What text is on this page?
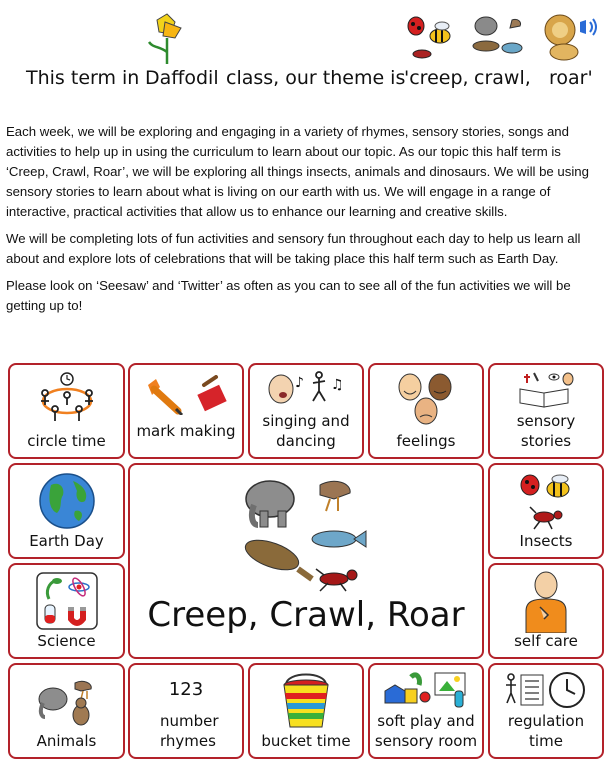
This term in Daffodil class, our theme is
'creep, crawl, roar'

Each week, we will be exploring and engaging in a variety of rhymes, sensory stories, songs and activities to help up in using the curriculum to learn about our topic. As our topic this half term is ‘Creep, Crawl, Roar’, we will be exploring all things insects, animals and dinosaurs. We will be using sensory stories to learn about what is living on our earth with us. We will engage in a range of interactive, practical activities that allow us to enhance our learning and creative skills.

We will be completing lots of fun activities and sensory fun throughout each day to help us learn all about and explore lots of celebrations that will be taking place this half term such as Earth Day.

Please look on ‘Seesaw’ and ‘Twitter’ as often as you can to see all of the fun activities we will be getting up to!

circle time
mark making
♪ ♫
singing and dancing	feelings
sensory stories
Earth Day	Insects
Creep, Crawl, Roar
Science	self care
Animals
123
number rhymes	bucket time
soft play and sensory room
regulation time
